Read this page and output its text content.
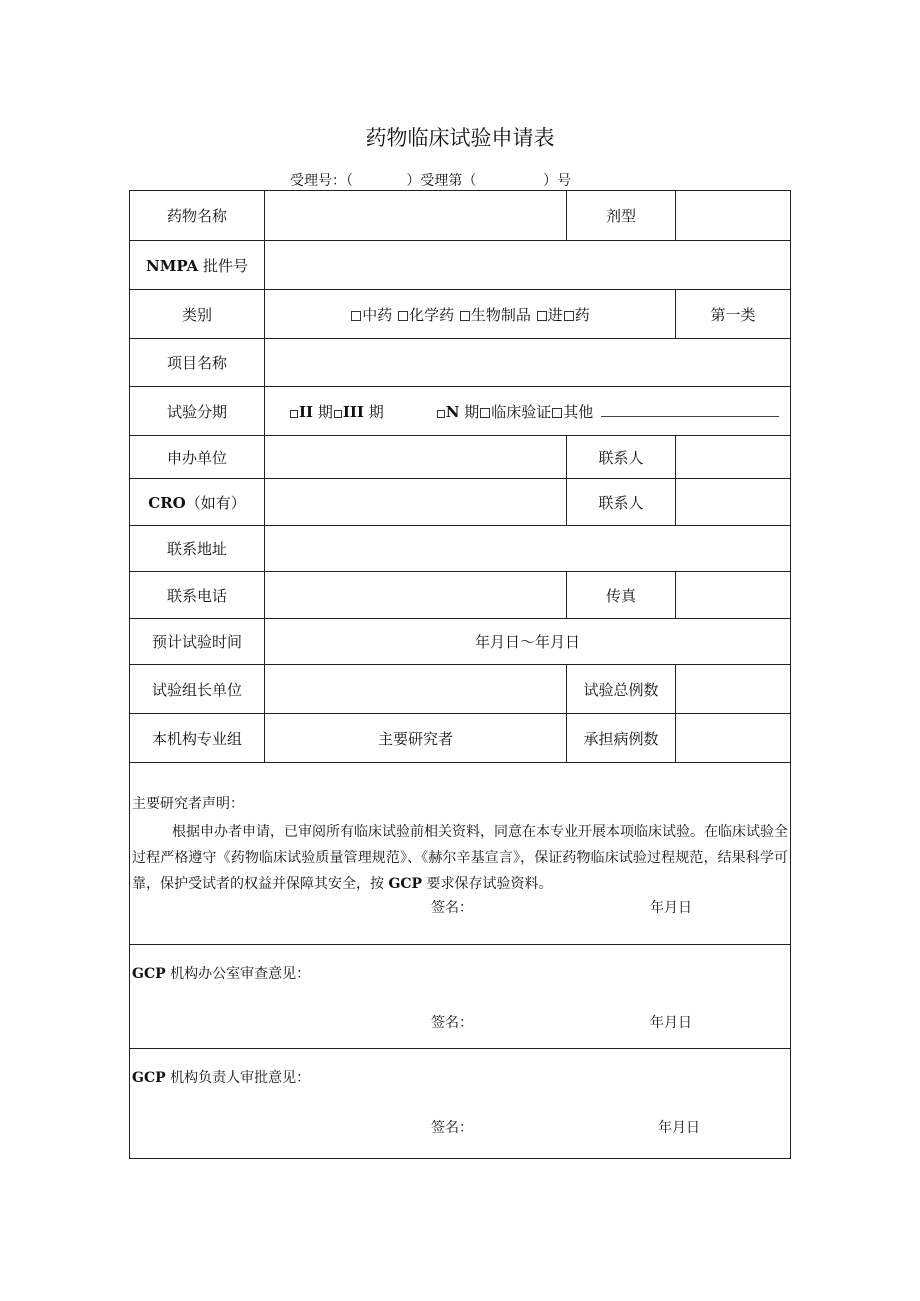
药物临床试验申请表
受理号：（	）受理第（	）号
药物名称		剂型	
NMPA 批件号			
类别	中药 化学药 生物制品 进 药		第一类
项目名称			
试验分期	II 期 III 期 N 期 临床验证 其他		
申办单位		联系人	
CRO（如有）		联系人	
联系地址			
联系电话		传真	
预计试验时间	年月日～年月日		
试验组长单位		试验总例数	
本机构专业组	主要研究者	承担病例数	

主要研究者声明：
根据申办者申请，已审阅所有临床试验前相关资料，同意在本专业开展本项临床试验。在临床试验全过程严格遵守《药物临床试验质量管理规范》、《赫尔辛基宣言》，保证药物临床试验过程规范，结果科学可靠，保护受试者的权益并保障其安全，按 GCP 要求保存试验资料。
签名： 年月日			

GCP 机构办公室审查意见：
签名： 年月日			

GCP 机构负责人审批意见：
签名： 年月日			
